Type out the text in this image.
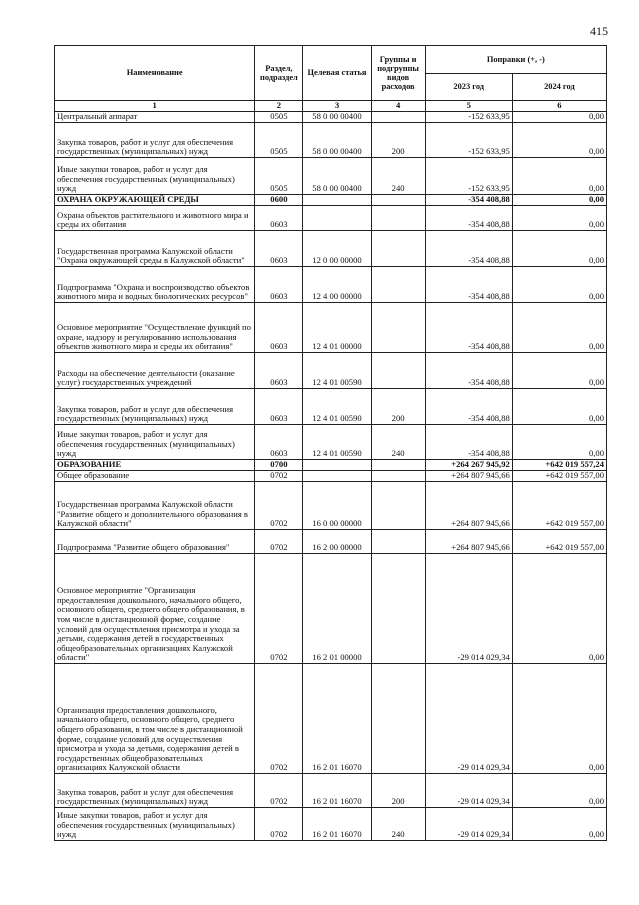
415
Наименование	Раздел, подраздел	Целевая статья	Группы и подгруппы видов расходов	Поправки (+, -)	
				2023 год	2024 год
1	2	3	4	5	6
Центральный аппарат	0505	58 0 00 00400		-152 633,95	0,00
Закупка товаров, работ и услуг для обеспечения государственных (муниципальных) нужд	0505	58 0 00 00400	200	-152 633,95	0,00
Иные закупки товаров, работ и услуг для обеспечения государственных (муниципальных) нужд	0505	58 0 00 00400	240	-152 633,95	0,00
ОХРАНА ОКРУЖАЮЩЕЙ СРЕДЫ	0600			-354 408,88	0,00
Охрана объектов растительного и животного мира и среды их обитания	0603			-354 408,88	0,00
Государственная программа Калужской области "Охрана окружающей среды в Калужской области"	0603	12 0 00 00000		-354 408,88	0,00
Подпрограмма "Охрана и воспроизводство объектов животного мира и водных биологических ресурсов"	0603	12 4 00 00000		-354 408,88	0,00
Основное мероприятие "Осуществление функций по охране, надзору и регулированию использования объектов животного мира и среды их обитания"	0603	12 4 01 00000		-354 408,88	0,00
Расходы на обеспечение деятельности (оказание услуг) государственных учреждений	0603	12 4 01 00590		-354 408,88	0,00
Закупка товаров, работ и услуг для обеспечения государственных (муниципальных) нужд	0603	12 4 01 00590	200	-354 408,88	0,00
Иные закупки товаров, работ и услуг для обеспечения государственных (муниципальных) нужд	0603	12 4 01 00590	240	-354 408,88	0,00
ОБРАЗОВАНИЕ	0700			+264 267 945,92	+642 019 557,24
Общее образование	0702			+264 807 945,66	+642 019 557,00
Государственная программа Калужской области "Развитие общего и дополнительного образования в Калужской области"	0702	16 0 00 00000		+264 807 945,66	+642 019 557,00
Подпрограмма "Развитие общего образования"	0702	16 2 00 00000		+264 807 945,66	+642 019 557,00
Основное мероприятие "Организация предоставления дошкольного, начального общего, основного общего, среднего общего образования, в том числе в дистанционной форме, создание условий для осуществления присмотра и ухода за детьми, содержания детей в государственных общеобразовательных организациях Калужской области"	0702	16 2 01 00000		-29 014 029,34	0,00
Организация предоставления дошкольного, начального общего, основного общего, среднего общего образования, в том числе в дистанционной форме, создание условий для осуществления присмотра и ухода за детьми, содержания детей в государственных общеобразовательных организациях Калужской области	0702	16 2 01 16070		-29 014 029,34	0,00
Закупка товаров, работ и услуг для обеспечения государственных (муниципальных) нужд	0702	16 2 01 16070	200	-29 014 029,34	0,00
Иные закупки товаров, работ и услуг для обеспечения государственных (муниципальных) нужд	0702	16 2 01 16070	240	-29 014 029,34	0,00
